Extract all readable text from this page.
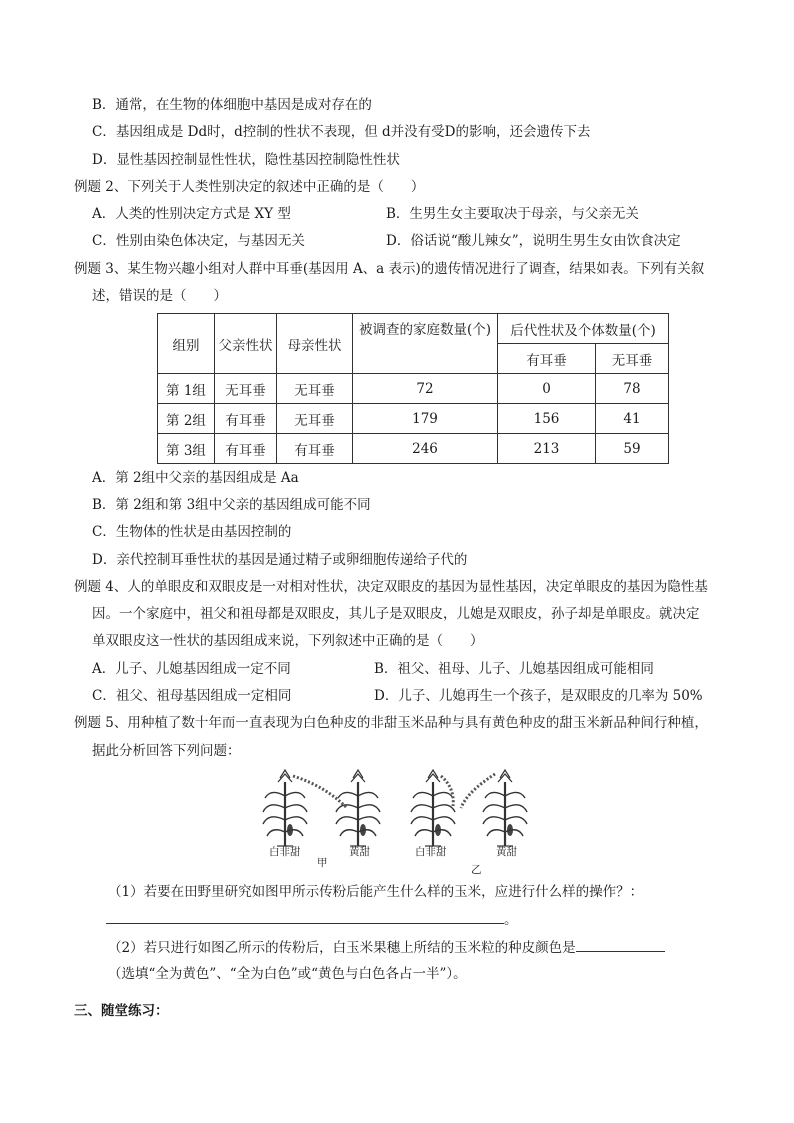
B．通常，在生物的体细胞中基因是成对存在的
C．基因组成是 Dd时，d控制的性状不表现，但 d并没有受D的影响，还会遗传下去
D．显性基因控制显性性状，隐性基因控制隐性性状
例题 2、下列关于人类性别决定的叙述中正确的是（　　）
A．人类的性别决定方式是 XY 型	B．生男生女主要取决于母亲，与父亲无关
C．性别由染色体决定，与基因无关	D．俗话说“酸儿辣女”，说明生男生女由饮食决定
例题 3、某生物兴趣小组对人群中耳垂(基因用 A、a 表示)的遗传情况进行了调查，结果如表。下列有关叙
述，错误的是（　　）
组别	父亲性状	母亲性状	被调查的家庭数量(个)	后代性状及个体数量(个)	
				有耳垂	无耳垂
第 1组	无耳垂	无耳垂	72	0	78
第 2组	有耳垂	无耳垂	179	156	41
第 3组	有耳垂	有耳垂	246	213	59
A．第 2组中父亲的基因组成是 Aa
B．第 2组和第 3组中父亲的基因组成可能不同
C．生物体的性状是由基因控制的
D．亲代控制耳垂性状的基因是通过精子或卵细胞传递给子代的
例题 4、人的单眼皮和双眼皮是一对相对性状，决定双眼皮的基因为显性基因，决定单眼皮的基因为隐性基
因。一个家庭中，祖父和祖母都是双眼皮，其儿子是双眼皮，儿媳是双眼皮，孙子却是单眼皮。就决定
单双眼皮这一性状的基因组成来说，下列叙述中正确的是（　　）
A．儿子、儿媳基因组成一定不同	B．祖父、祖母、儿子、儿媳基因组成可能相同
C．祖父、祖母基因组成一定相同	D．儿子、儿媳再生一个孩子，是双眼皮的几率为 50%
例题 5、用种植了数十年而一直表现为白色种皮的非甜玉米品种与具有黄色种皮的甜玉米新品种间行种植，
据此分析回答下列问题：
白非甜	黄甜	白非甜	黄甜
甲
乙
（1）若要在田野里研究如图甲所示传粉后能产生什么样的玉米，应进行什么样的操作？：
。
（2）若只进行如图乙所示的传粉后，白玉米果穗上所结的玉米粒的种皮颜色是
（选填“全为黄色”、“全为白色”或“黄色与白色各占一半”）。
三、随堂练习：
